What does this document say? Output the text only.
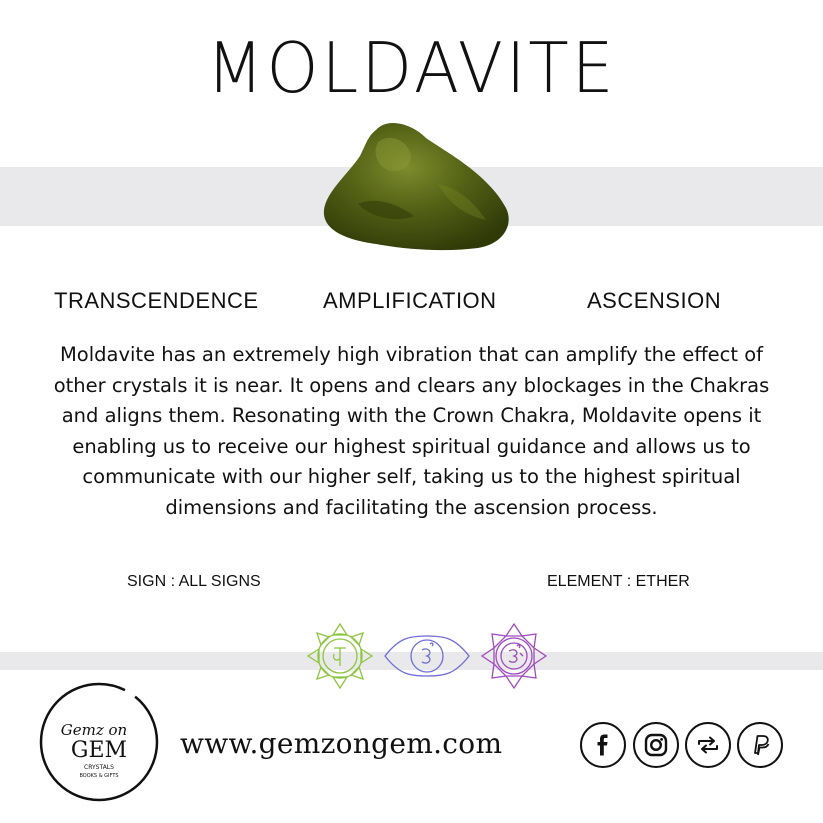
MOLDAVITE
TRANSCENDENCE	AMPLIFICATION	ASCENSION
Moldavite has an extremely high vibration that can amplify the effect of other crystals it is near. It opens and clears any blockages in the Chakras and aligns them. Resonating with the Crown Chakra, Moldavite opens it enabling us to receive our highest spiritual guidance and allows us to communicate with our higher self, taking us to the highest spiritual dimensions and facilitating the ascension process.
SIGN : ALL SIGNS	ELEMENT : ETHER
Gemz on
GEM
CRYSTALS
BOOKS & GIFTS
www.gemzongem.com
